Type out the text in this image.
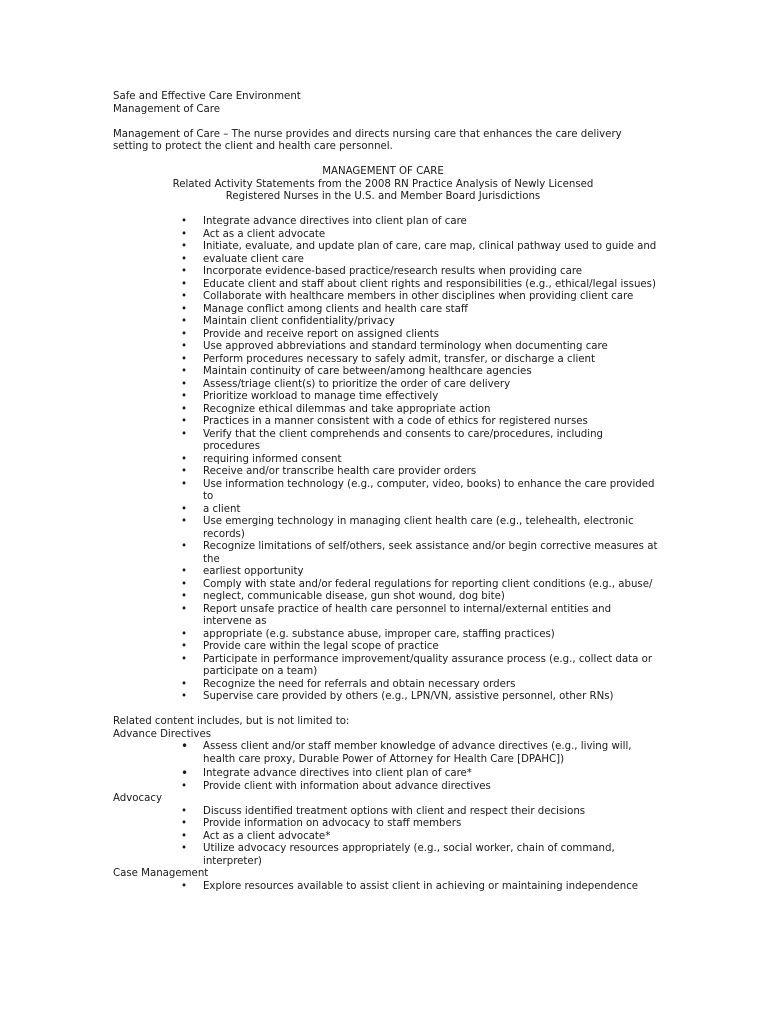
Safe and Effective Care Environment
Management of Care
Management of Care – The nurse provides and directs nursing care that enhances the care delivery
setting to protect the client and health care personnel.
MANAGEMENT OF CARE
Related Activity Statements from the 2008 RN Practice Analysis of Newly Licensed
Registered Nurses in the U.S. and Member Board Jurisdictions
• Integrate advance directives into client plan of care
• Act as a client advocate
• Initiate, evaluate, and update plan of care, care map, clinical pathway used to guide and
• evaluate client care
• Incorporate evidence-based practice/research results when providing care
• Educate client and staff about client rights and responsibilities (e.g., ethical/legal issues)
• Collaborate with healthcare members in other disciplines when providing client care
• Manage conflict among clients and health care staff
• Maintain client confidentiality/privacy
• Provide and receive report on assigned clients
• Use approved abbreviations and standard terminology when documenting care
• Perform procedures necessary to safely admit, transfer, or discharge a client
• Maintain continuity of care between/among healthcare agencies
• Assess/triage client(s) to prioritize the order of care delivery
• Prioritize workload to manage time effectively
• Recognize ethical dilemmas and take appropriate action
• Practices in a manner consistent with a code of ethics for registered nurses
• Verify that the client comprehends and consents to care/procedures, including
procedures
• requiring informed consent
• Receive and/or transcribe health care provider orders
• Use information technology (e.g., computer, video, books) to enhance the care provided
to
• a client
• Use emerging technology in managing client health care (e.g., telehealth, electronic
records)
• Recognize limitations of self/others, seek assistance and/or begin corrective measures at
the
• earliest opportunity
• Comply with state and/or federal regulations for reporting client conditions (e.g., abuse/
• neglect, communicable disease, gun shot wound, dog bite)
• Report unsafe practice of health care personnel to internal/external entities and
intervene as
• appropriate (e.g. substance abuse, improper care, staffing practices)
• Provide care within the legal scope of practice
• Participate in performance improvement/quality assurance process (e.g., collect data or
participate on a team)
• Recognize the need for referrals and obtain necessary orders
• Supervise care provided by others (e.g., LPN/VN, assistive personnel, other RNs)
Related content includes, but is not limited to:
Advance Directives
• Assess client and/or staff member knowledge of advance directives (e.g., living will,
health care proxy, Durable Power of Attorney for Health Care [DPAHC])
• Integrate advance directives into client plan of care*
• Provide client with information about advance directives
Advocacy
• Discuss identified treatment options with client and respect their decisions
• Provide information on advocacy to staff members
• Act as a client advocate*
• Utilize advocacy resources appropriately (e.g., social worker, chain of command,
interpreter)
Case Management
• Explore resources available to assist client in achieving or maintaining independence
